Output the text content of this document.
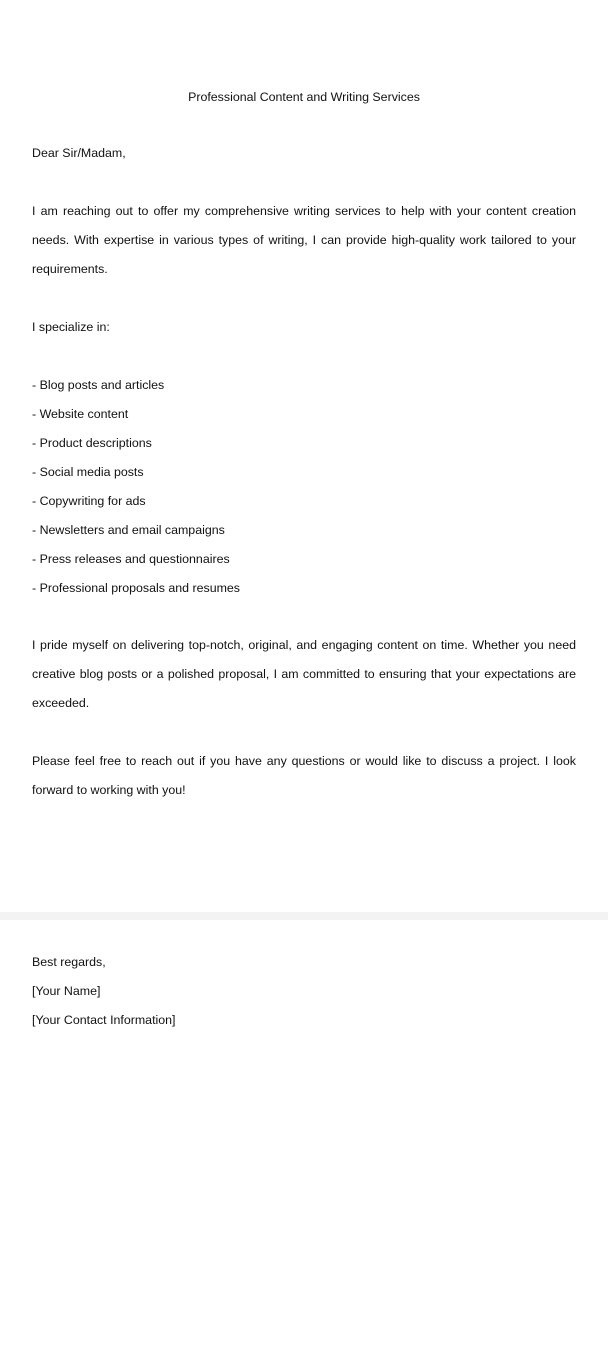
Professional Content and Writing Services

Dear Sir/Madam,

I am reaching out to offer my comprehensive writing services to help with your content creation needs. With expertise in various types of writing, I can provide high-quality work tailored to your requirements.

I specialize in:

- Blog posts and articles
- Website content
- Product descriptions
- Social media posts
- Copywriting for ads
- Newsletters and email campaigns
- Press releases and questionnaires
- Professional proposals and resumes

I pride myself on delivering top-notch, original, and engaging content on time. Whether you need creative blog posts or a polished proposal, I am committed to ensuring that your expectations are exceeded.

Please feel free to reach out if you have any questions or would like to discuss a project. I look forward to working with you!

Best regards,

[Your Name]

[Your Contact Information]
